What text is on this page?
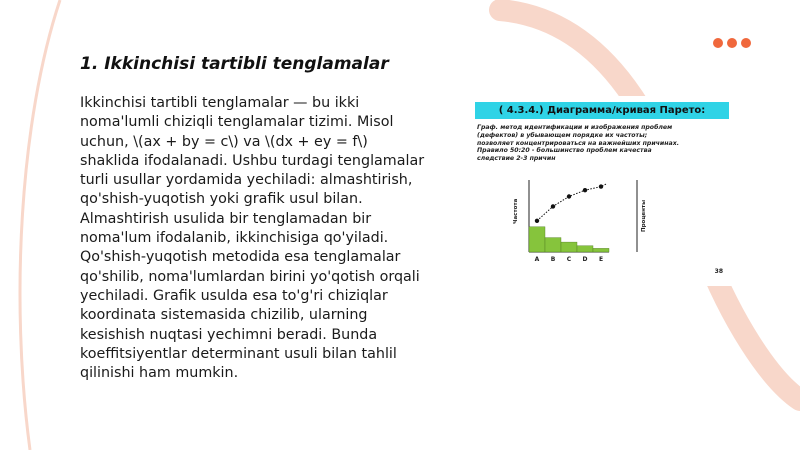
1. Ikkinchisi tartibli tenglamalar

Ikkinchisi tartibli tenglamalar — bu ikki noma'lumli chiziqli tenglamalar tizimi. Misol uchun, \(ax + by = c\) va \(dx + ey = f\) shaklida ifodalanadi. Ushbu turdagi tenglamalar turli usullar yordamida yechiladi: almashtirish, qo'shish-yuqotish yoki grafik usul bilan. Almashtirish usulida bir tenglamadan bir noma'lum ifodalanib, ikkinchisiga qo'yiladi. Qo'shish-yuqotish metodida esa tenglamalar qo'shilib, noma'lumlardan birini yo'qotish orqali yechiladi. Grafik usulda esa to'g'ri chiziqlar koordinata sistemasida chizilib, ularning kesishish nuqtasi yechimni beradi. Bunda koeffitsiyentlar determinant usuli bilan tahlil qilinishi ham mumkin.

( 4.3.4.) Диаграмма/кривая Парето:

Граф. метод идентификации и изображения проблем
(дефектов) в убывающем порядке их частоты;
позволяет концентрироваться на важнейших причинах.
Правило 50:20 - большинство проблем качества
следствие 2-3 причин

A B C D E
Частота	Проценты
38
